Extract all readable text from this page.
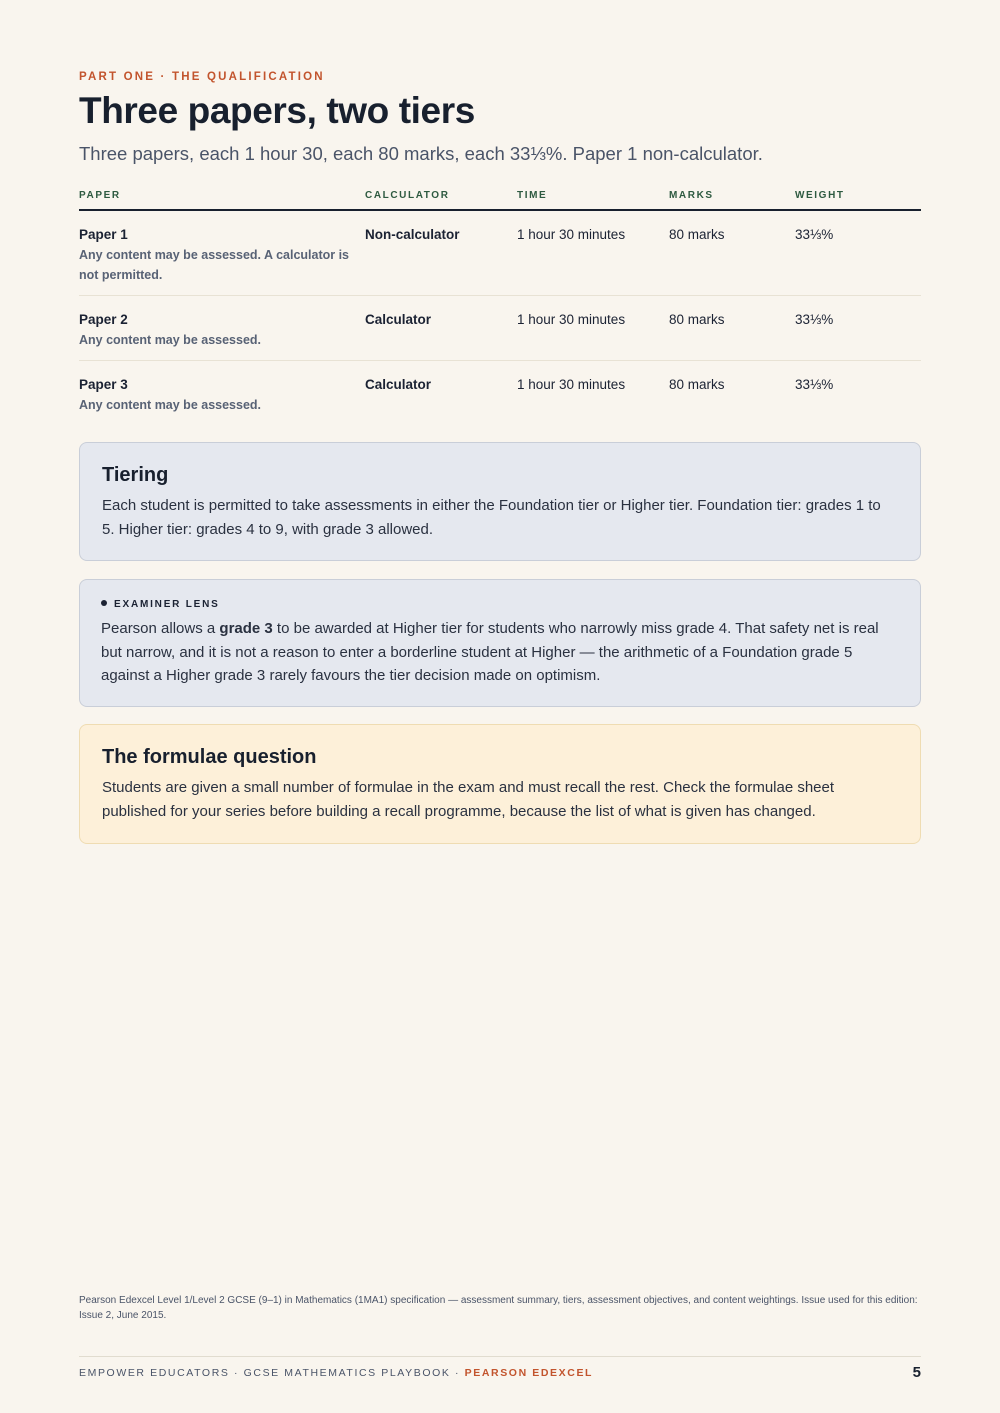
PART ONE · THE QUALIFICATION
Three papers, two tiers

Three papers, each 1 hour 30, each 80 marks, each 33⅓%. Paper 1 non-calculator.

PAPER	CALCULATOR	TIME	MARKS	WEIGHT
Paper 1
Any content may be assessed. A calculator is not permitted.
Non-calculator	1 hour 30 minutes	80 marks	33⅓%
Paper 2
Any content may be assessed.
Calculator	1 hour 30 minutes	80 marks	33⅓%
Paper 3
Any content may be assessed.
Calculator	1 hour 30 minutes	80 marks	33⅓%
Tiering

Each student is permitted to take assessments in either the Foundation tier or Higher tier. Foundation tier: grades 1 to 5. Higher tier: grades 4 to 9, with grade 3 allowed.

EXAMINER LENS

Pearson allows a grade 3 to be awarded at Higher tier for students who narrowly miss grade 4. That safety net is real but narrow, and it is not a reason to enter a borderline student at Higher — the arithmetic of a Foundation grade 5 against a Higher grade 3 rarely favours the tier decision made on optimism.

The formulae question

Students are given a small number of formulae in the exam and must recall the rest. Check the formulae sheet published for your series before building a recall programme, because the list of what is given has changed.

Pearson Edexcel Level 1/Level 2 GCSE (9–1) in Mathematics (1MA1) specification — assessment summary, tiers, assessment objectives, and content weightings. Issue used for this edition: Issue 2, June 2015.
EMPOWER EDUCATORS · GCSE MATHEMATICS PLAYBOOK · PEARSON EDEXCEL	5
